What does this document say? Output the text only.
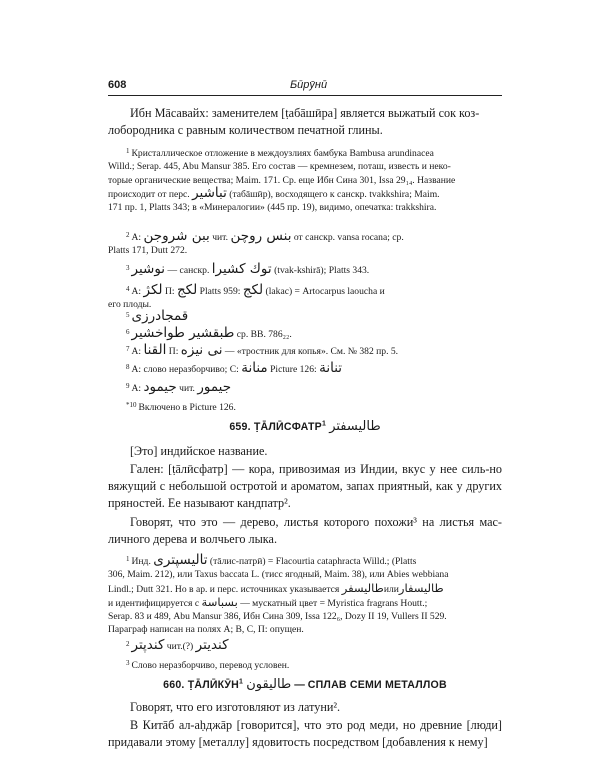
608	Бӣрӯнӣ
Ибн Мāсавайх: заменителем [ṭабāшӣра] является выжатый сок коз-
лобородника с равным количеством печатной глины.
$^1$ Кристаллическое отложение в междоузлиях бамбука Bambusa arundinacea
Willd.; Serap. 445, Abu Mansur 385. Его состав — кремнезем, поташ, известь и неко-
торые органические вещества; Maim. 171. Ср. еще Ибн Сина 301, Issa 29₁₄. Название
происходит от перс. تباشیر (табāшӣр), восходящего к санскр. tvakkshira; Maim.
171 пр. 1, Platts 343; в «Минералогии» (445 пр. 19), видимо, опечатка: trakkshira.
$^2$ А: ببن شروجن чит. بنس روچن от санскр. vansa rocana; ср.
Platts 171, Dutt 272.
$^3$ نوشیر — санскр. توك كشيرا (tvak-kshirā); Platts 343.
$^4$ А: لکژ П: لکج Platts 959: لکج (lakac) = Artocarpus laoucha и
его плоды.
$^5$ قمجادرزی
$^6$ طبقشیر طواخشیر ср. BB. 786₂₂.
$^7$ А: القنا П: نی نیزه — «тростник для копья». См. № 382 пр. 5.
$^8$ А: слово неразборчиво; С: منانة Picture 126: تنانة
$^9$ А: جیمود чит. جیمور
$^{*10}$ Включено в Picture 126.
659. ṬĀЛӢСФАТР$^1$ طالیسفتر
[Это] индийское название.
Гален: [ṭāлӣсфатр] — кора, привозимая из Индии, вкус у нее силь-но вяжущий с небольшой остротой и ароматом, запах приятный, как у других пряностей. Ее называют кандпатр².
Говорят, что это — дерево, листья которого похожи³ на листья мас-личного дерева и волчьего лыка.
$^1$ Инд. تالیسپتری (тāлис-патрӣ) = Flacourtia cataphracta Willd.; (Platts
306, Maim. 212), или Taxus baccata L. (тисс ягодный, Maim. 38), или Abies webbiana
Lindl.; Dutt 321. Но в ар. и перс. источниках указывается طالیسفرилиطالیسفار
и идентифицируется с بسباسة — мускатный цвет = Myristica fragrans Houtt.;
Serap. 83 и 489, Abu Mansur 386, Ибн Сина 309, Issa 122₆, Dozy II 19, Vullers II 529.
Параграф написан на полях А; В, С, П: опущен.
$^2$ کندپتر чит.(?) کندیتر
$^3$ Слово неразборчиво, перевод условен.
660. ṬĀЛӢКӮН$^1$ طالیقون — СПЛАВ СЕМИ МЕТАЛЛОВ
Говорят, что его изготовляют из латуни².
В Китāб ал-аḥджāр [говорится], что это род меди, но древние [люди] придавали этому [металлу] ядовитость посредством [добавления к нему]
